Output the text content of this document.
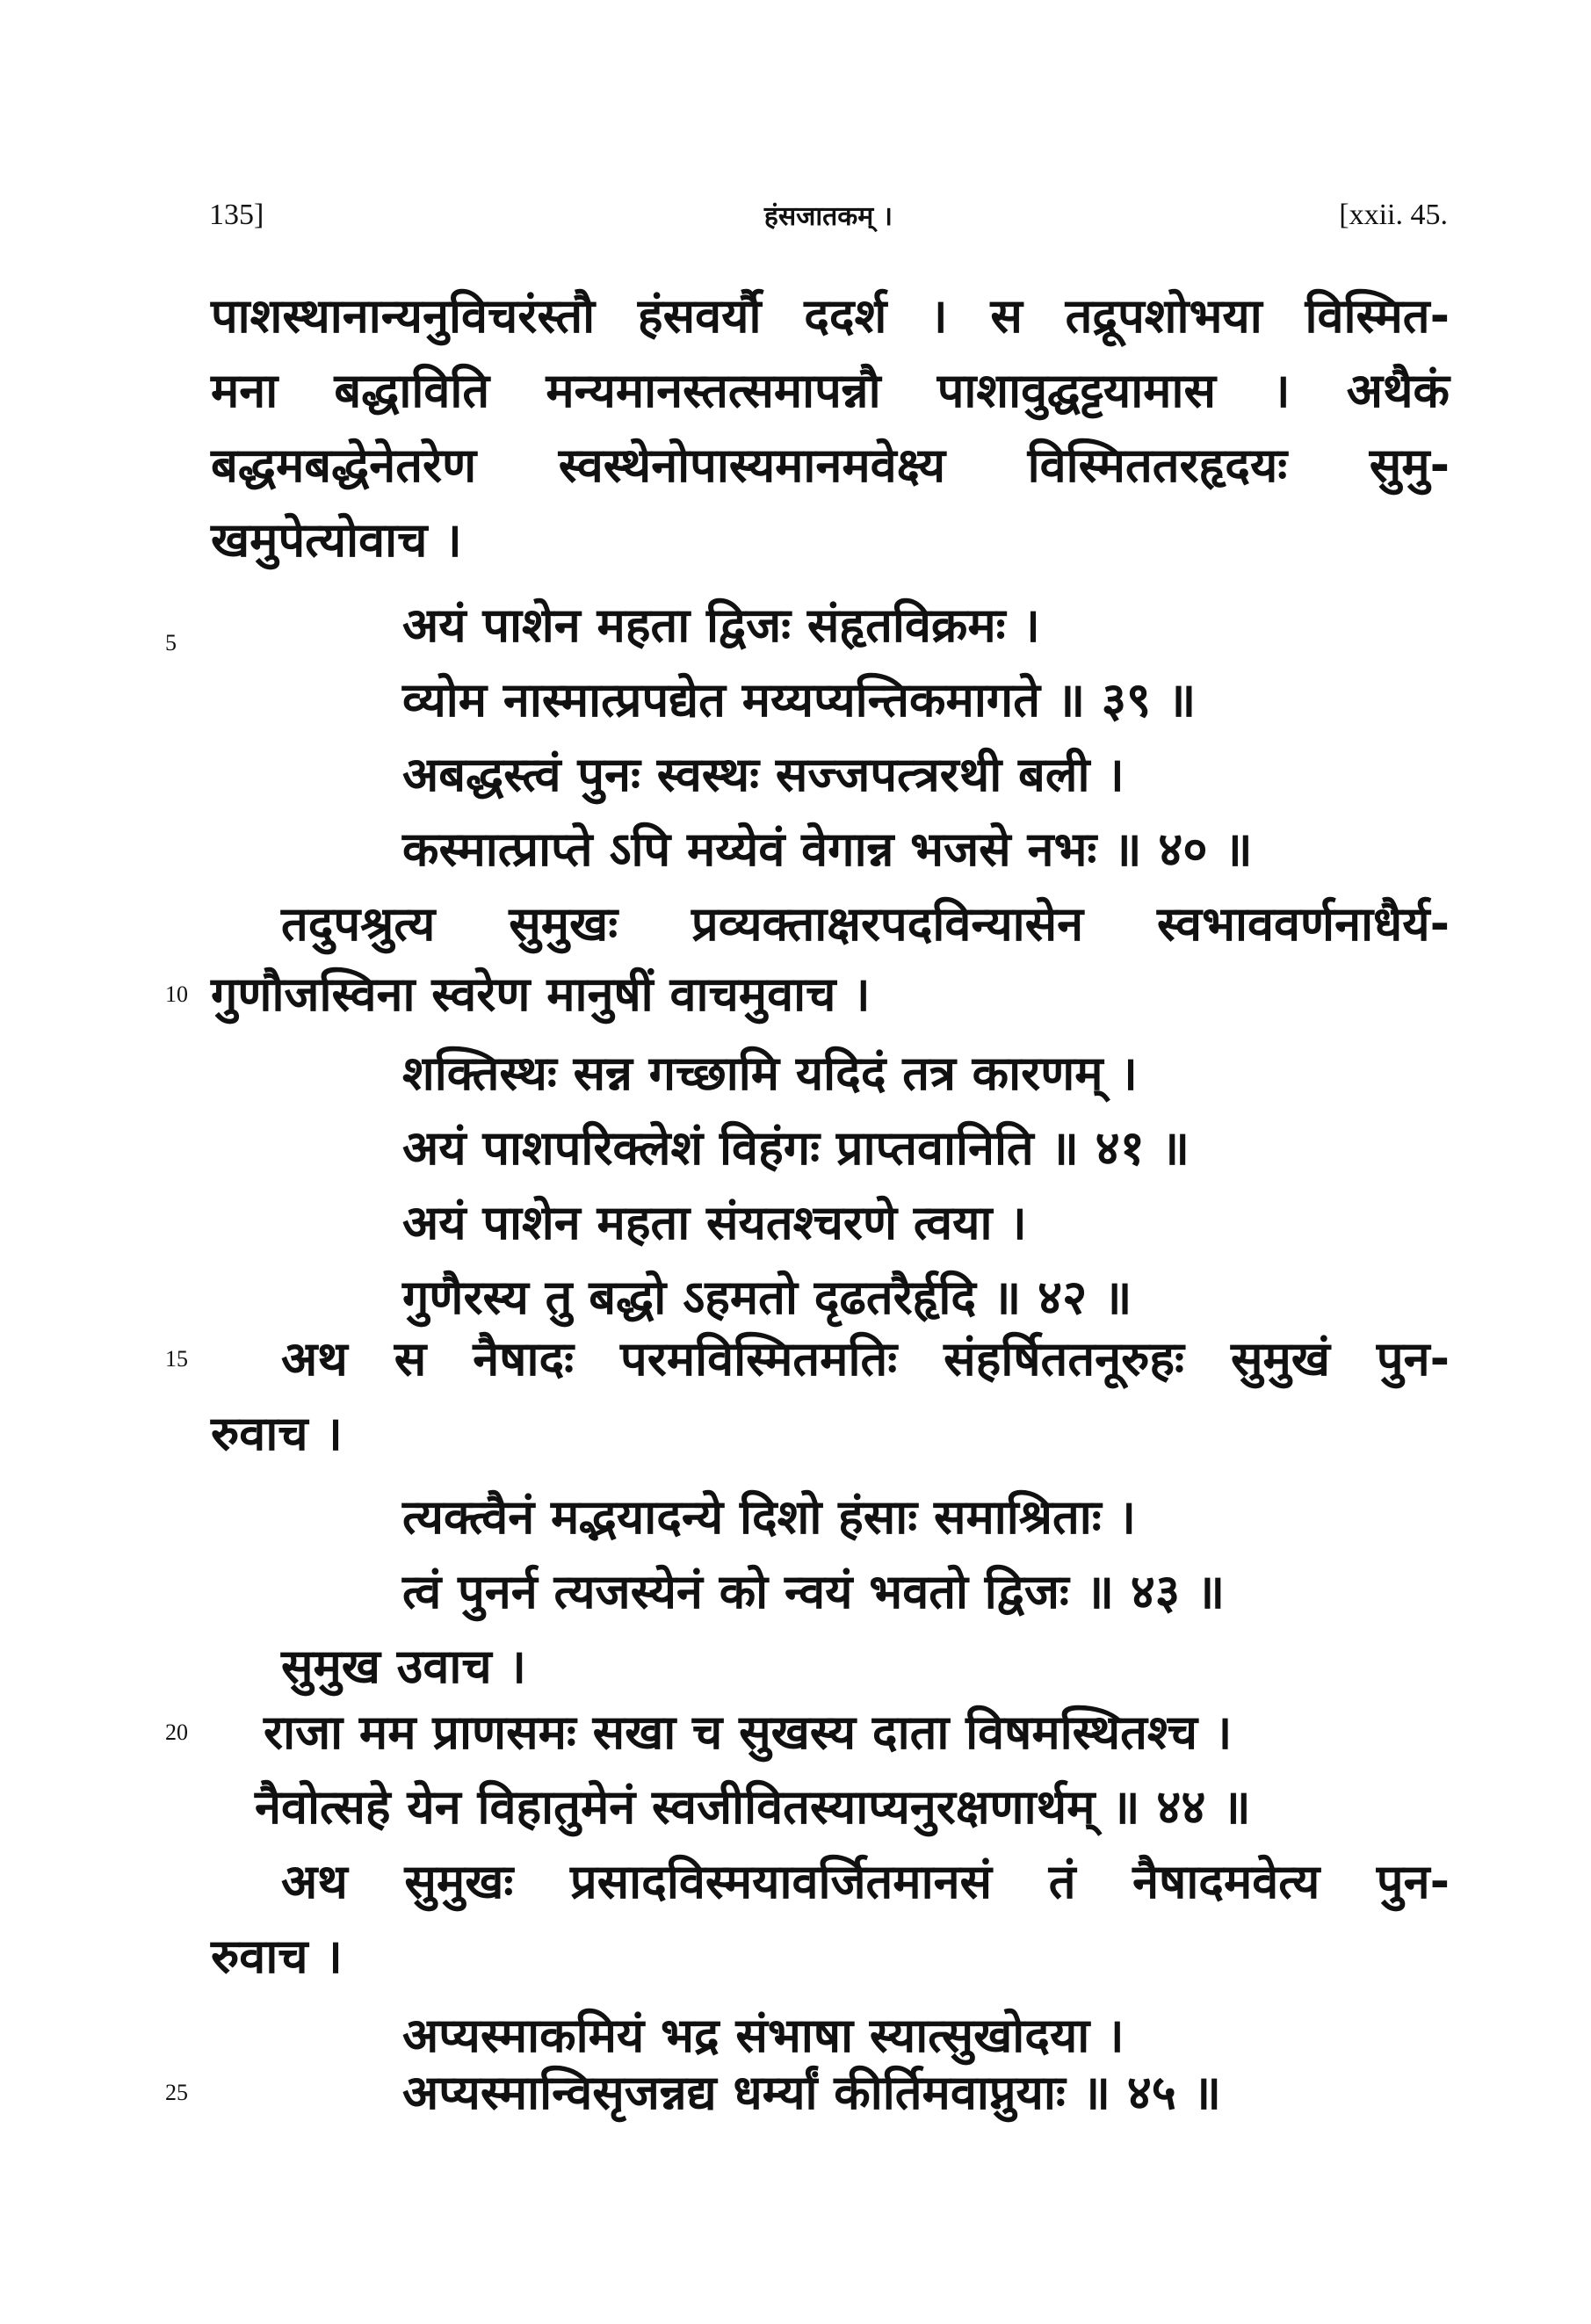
135]	हंसजातकम् ।	[xxii. 45.
5
10
15
20
25
पाशस्थानान्यनुविचरंस्तौ हंसवर्यौ ददर्श । स तद्रूपशोभया विस्मित-
मना बद्धाविति मन्यमानस्तत्समापन्नौ पाशावुद्घट्टयामास । अथैकं
बद्धमबद्धेनेतरेण स्वस्थेनोपास्यमानमवेक्ष्य विस्मिततरहृदयः सुमु-
खमुपेत्योवाच ।
अयं पाशेन महता द्विजः संहृतविक्रमः ।
व्योम नास्मात्प्रपद्येत मय्यप्यन्तिकमागते ॥ ३९ ॥
अबद्धस्त्वं पुनः स्वस्थः सज्जपत्त्ररथी बली ।
कस्मात्प्राप्ते ऽपि मय्येवं वेगान्न भजसे नभः ॥ ४० ॥
तदुपश्रुत्य सुमुखः प्रव्यक्ताक्षरपदविन्यासेन स्वभाववर्णनाधैर्य-
गुणौजस्विना स्वरेण मानुषीं वाचमुवाच ।
शक्तिस्थः सन्न गच्छामि यदिदं तत्र कारणम् ।
अयं पाशपरिक्लेशं विहंगः प्राप्तवानिति ॥ ४१ ॥
अयं पाशेन महता संयतश्चरणे त्वया ।
गुणैरस्य तु बद्धो ऽहमतो दृढतरैर्हृदि ॥ ४२ ॥
अथ स नैषादः परमविस्मितमतिः संहर्षिततनूरुहः सुमुखं पुन-
रुवाच ।
त्यक्त्वैनं मद्भयादन्ये दिशो हंसाः समाश्रिताः ।
त्वं पुनर्न त्यजस्येनं को न्वयं भवतो द्विजः ॥ ४३ ॥
सुमुख उवाच ।
राजा मम प्राणसमः सखा च सुखस्य दाता विषमस्थितश्च ।
नैवोत्सहे येन विहातुमेनं स्वजीवितस्याप्यनुरक्षणार्थम् ॥ ४४ ॥
अथ सुमुखः प्रसादविस्मयावर्जितमानसं तं नैषादमवेत्य पुन-
रुवाच ।
अप्यस्माकमियं भद्र संभाषा स्यात्सुखोदया ।
अप्यस्मान्विसृजन्नद्य धर्म्यां कीर्तिमवाप्नुयाः ॥ ४५ ॥
